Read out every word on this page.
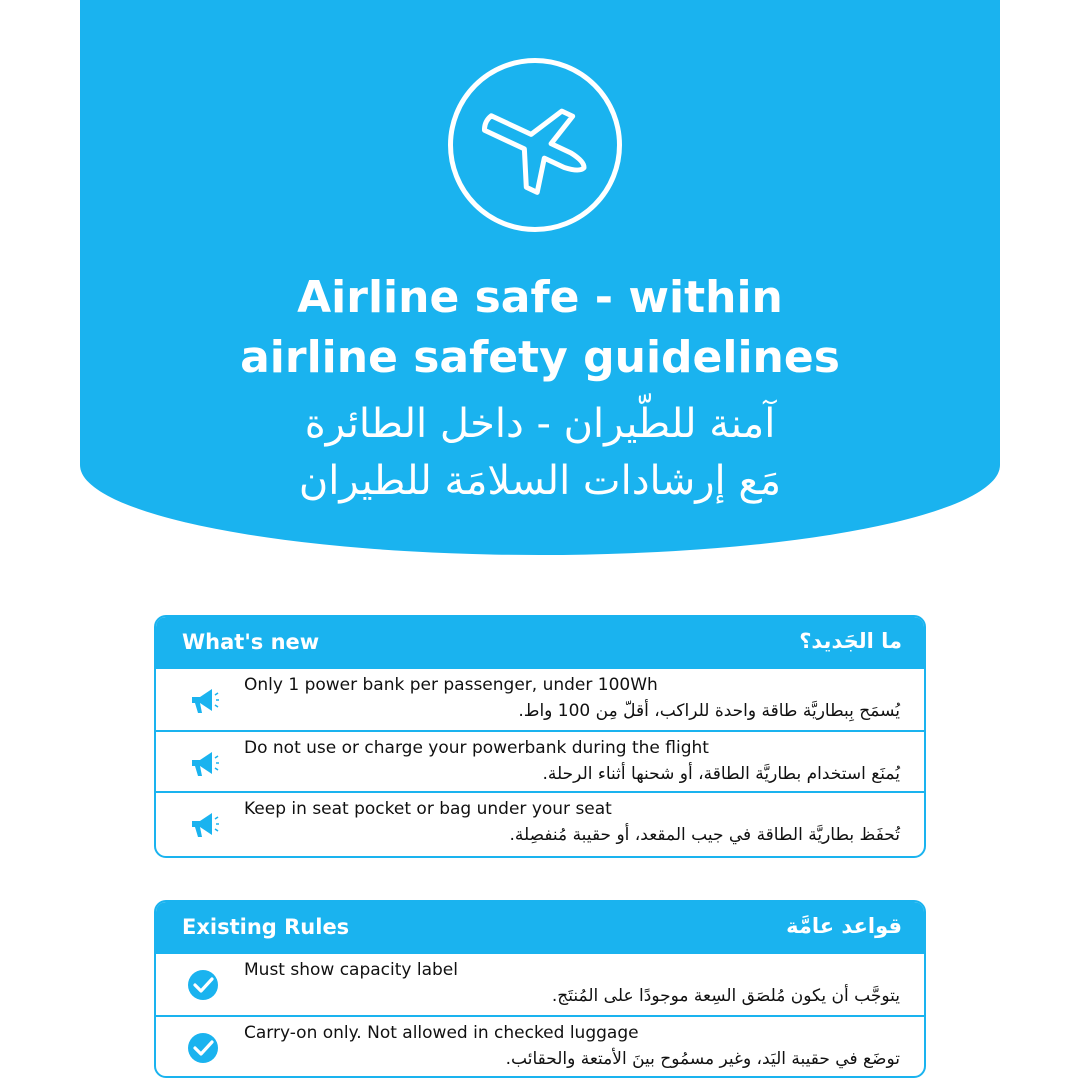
Airline safe - within
airline safety guidelines
آمنة للطّيران - داخل الطائرة
مَع إرشادات السلامَة للطيران
What's new	ما الجَديد؟
Only 1 power bank per passenger, under 100Wh
يُسمَح بِبطاريَّة طاقة واحدة للراكب، أقلّ مِن 100 واط.
Do not use or charge your powerbank during the flight
يُمنَع استخدام بطاريَّة الطاقة، أو شحنها أثناء الرحلة.
Keep in seat pocket or bag under your seat
تُحفَظ بطاريَّة الطاقة في جيب المقعد، أو حقيبة مُنفصِلة.
Existing Rules	قواعد عامَّة
Must show capacity label
يتوجَّب أن يكون مُلصَق السِعة موجودًا على المُنتَج.
Carry-on only. Not allowed in checked luggage
توضَع في حقيبة اليَد، وغير مسمُوح بينَ الأمتعة والحقائب.
